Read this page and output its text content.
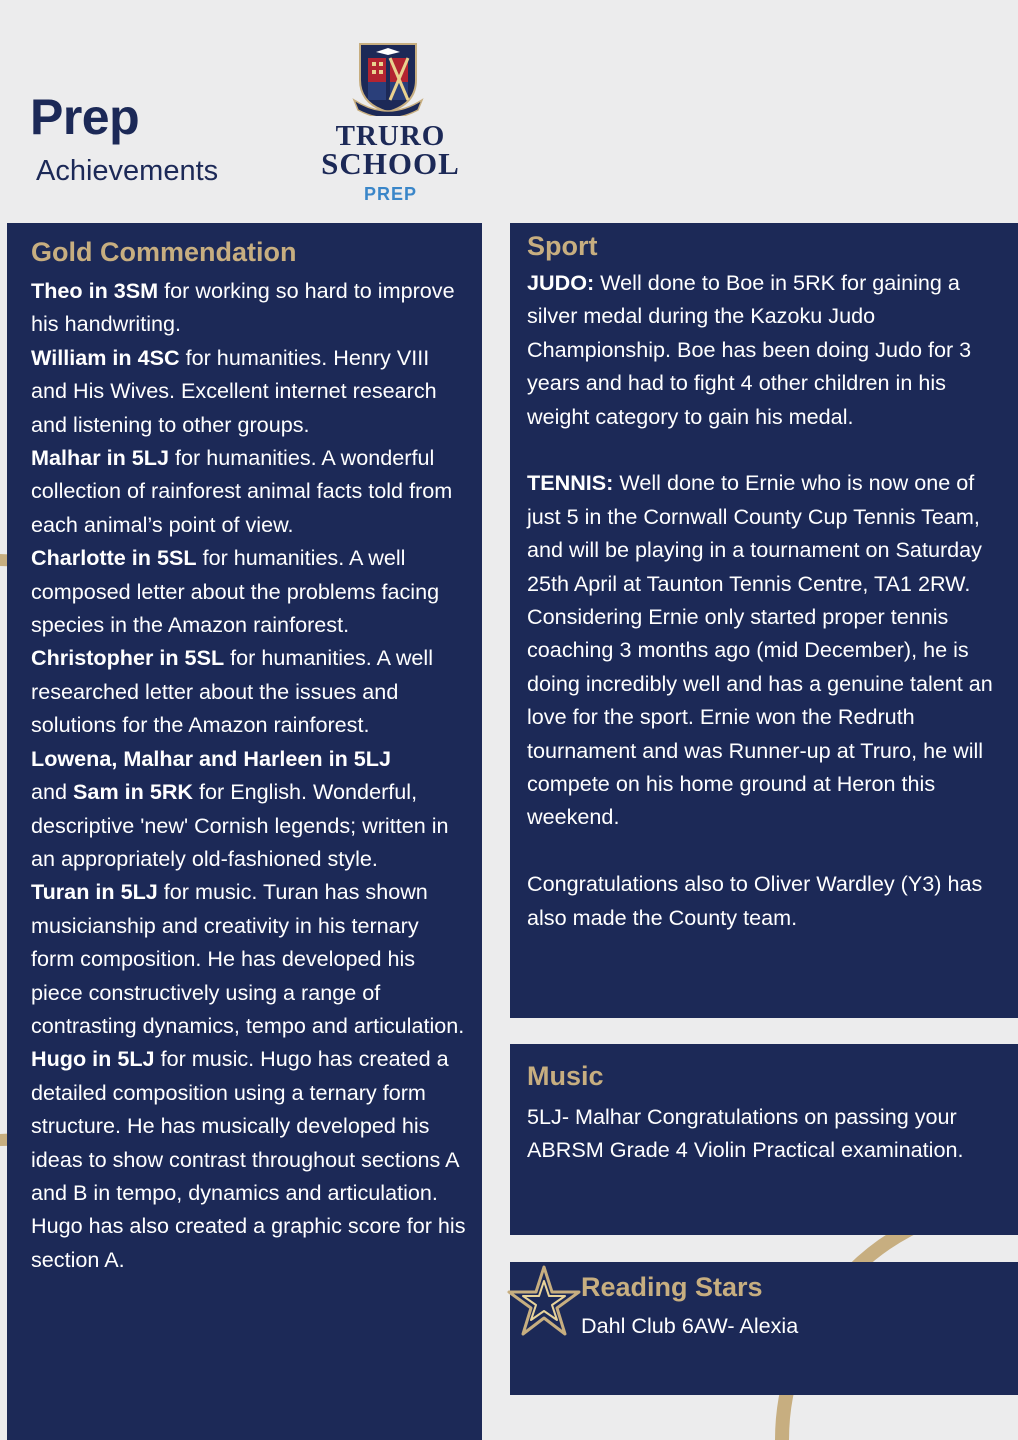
Prep
Achievements
TRURO
SCHOOL
PREP
Gold Commendation

Theo in 3SM for working so hard to improve his handwriting.

William in 4SC for humanities. Henry VIII and His Wives. Excellent internet research and listening to other groups.

Malhar in 5LJ for humanities. A wonderful collection of rainforest animal facts told from each animal’s point of view.

Charlotte in 5SL for humanities. A well composed letter about the problems facing species in the Amazon rainforest.

Christopher in 5SL for humanities. A well researched letter about the issues and solutions for the Amazon rainforest.

Lowena, Malhar and Harleen in 5LJ
and Sam in 5RK for English. Wonderful, descriptive 'new' Cornish legends; written in an appropriately old-fashioned style.

Turan in 5LJ for music. Turan has shown musicianship and creativity in his ternary form composition. He has developed his piece constructively using a range of contrasting dynamics, tempo and articulation.

Hugo in 5LJ for music. Hugo has created a detailed composition using a ternary form structure. He has musically developed his ideas to show contrast throughout sections A and B in tempo, dynamics and articulation. Hugo has also created a graphic score for his section A.

Sport

JUDO: Well done to Boe in 5RK for gaining a silver medal during the Kazoku Judo Championship. Boe has been doing Judo for 3 years and had to fight 4 other children in his weight category to gain his medal.

TENNIS: Well done to Ernie who is now one of just 5 in the Cornwall County Cup Tennis Team, and will be playing in a tournament on Saturday 25th April at Taunton Tennis Centre, TA1 2RW.

Considering Ernie only started proper tennis coaching 3 months ago (mid December), he is doing incredibly well and has a genuine talent an love for the sport. Ernie won the Redruth tournament and was Runner-up at Truro, he will compete on his home ground at Heron this weekend.

Congratulations also to Oliver Wardley (Y3) has also made the County team.

Music
5LJ- Malhar Congratulations on passing your ABRSM Grade 4 Violin Practical examination.
Reading Stars
Dahl Club 6AW- Alexia
